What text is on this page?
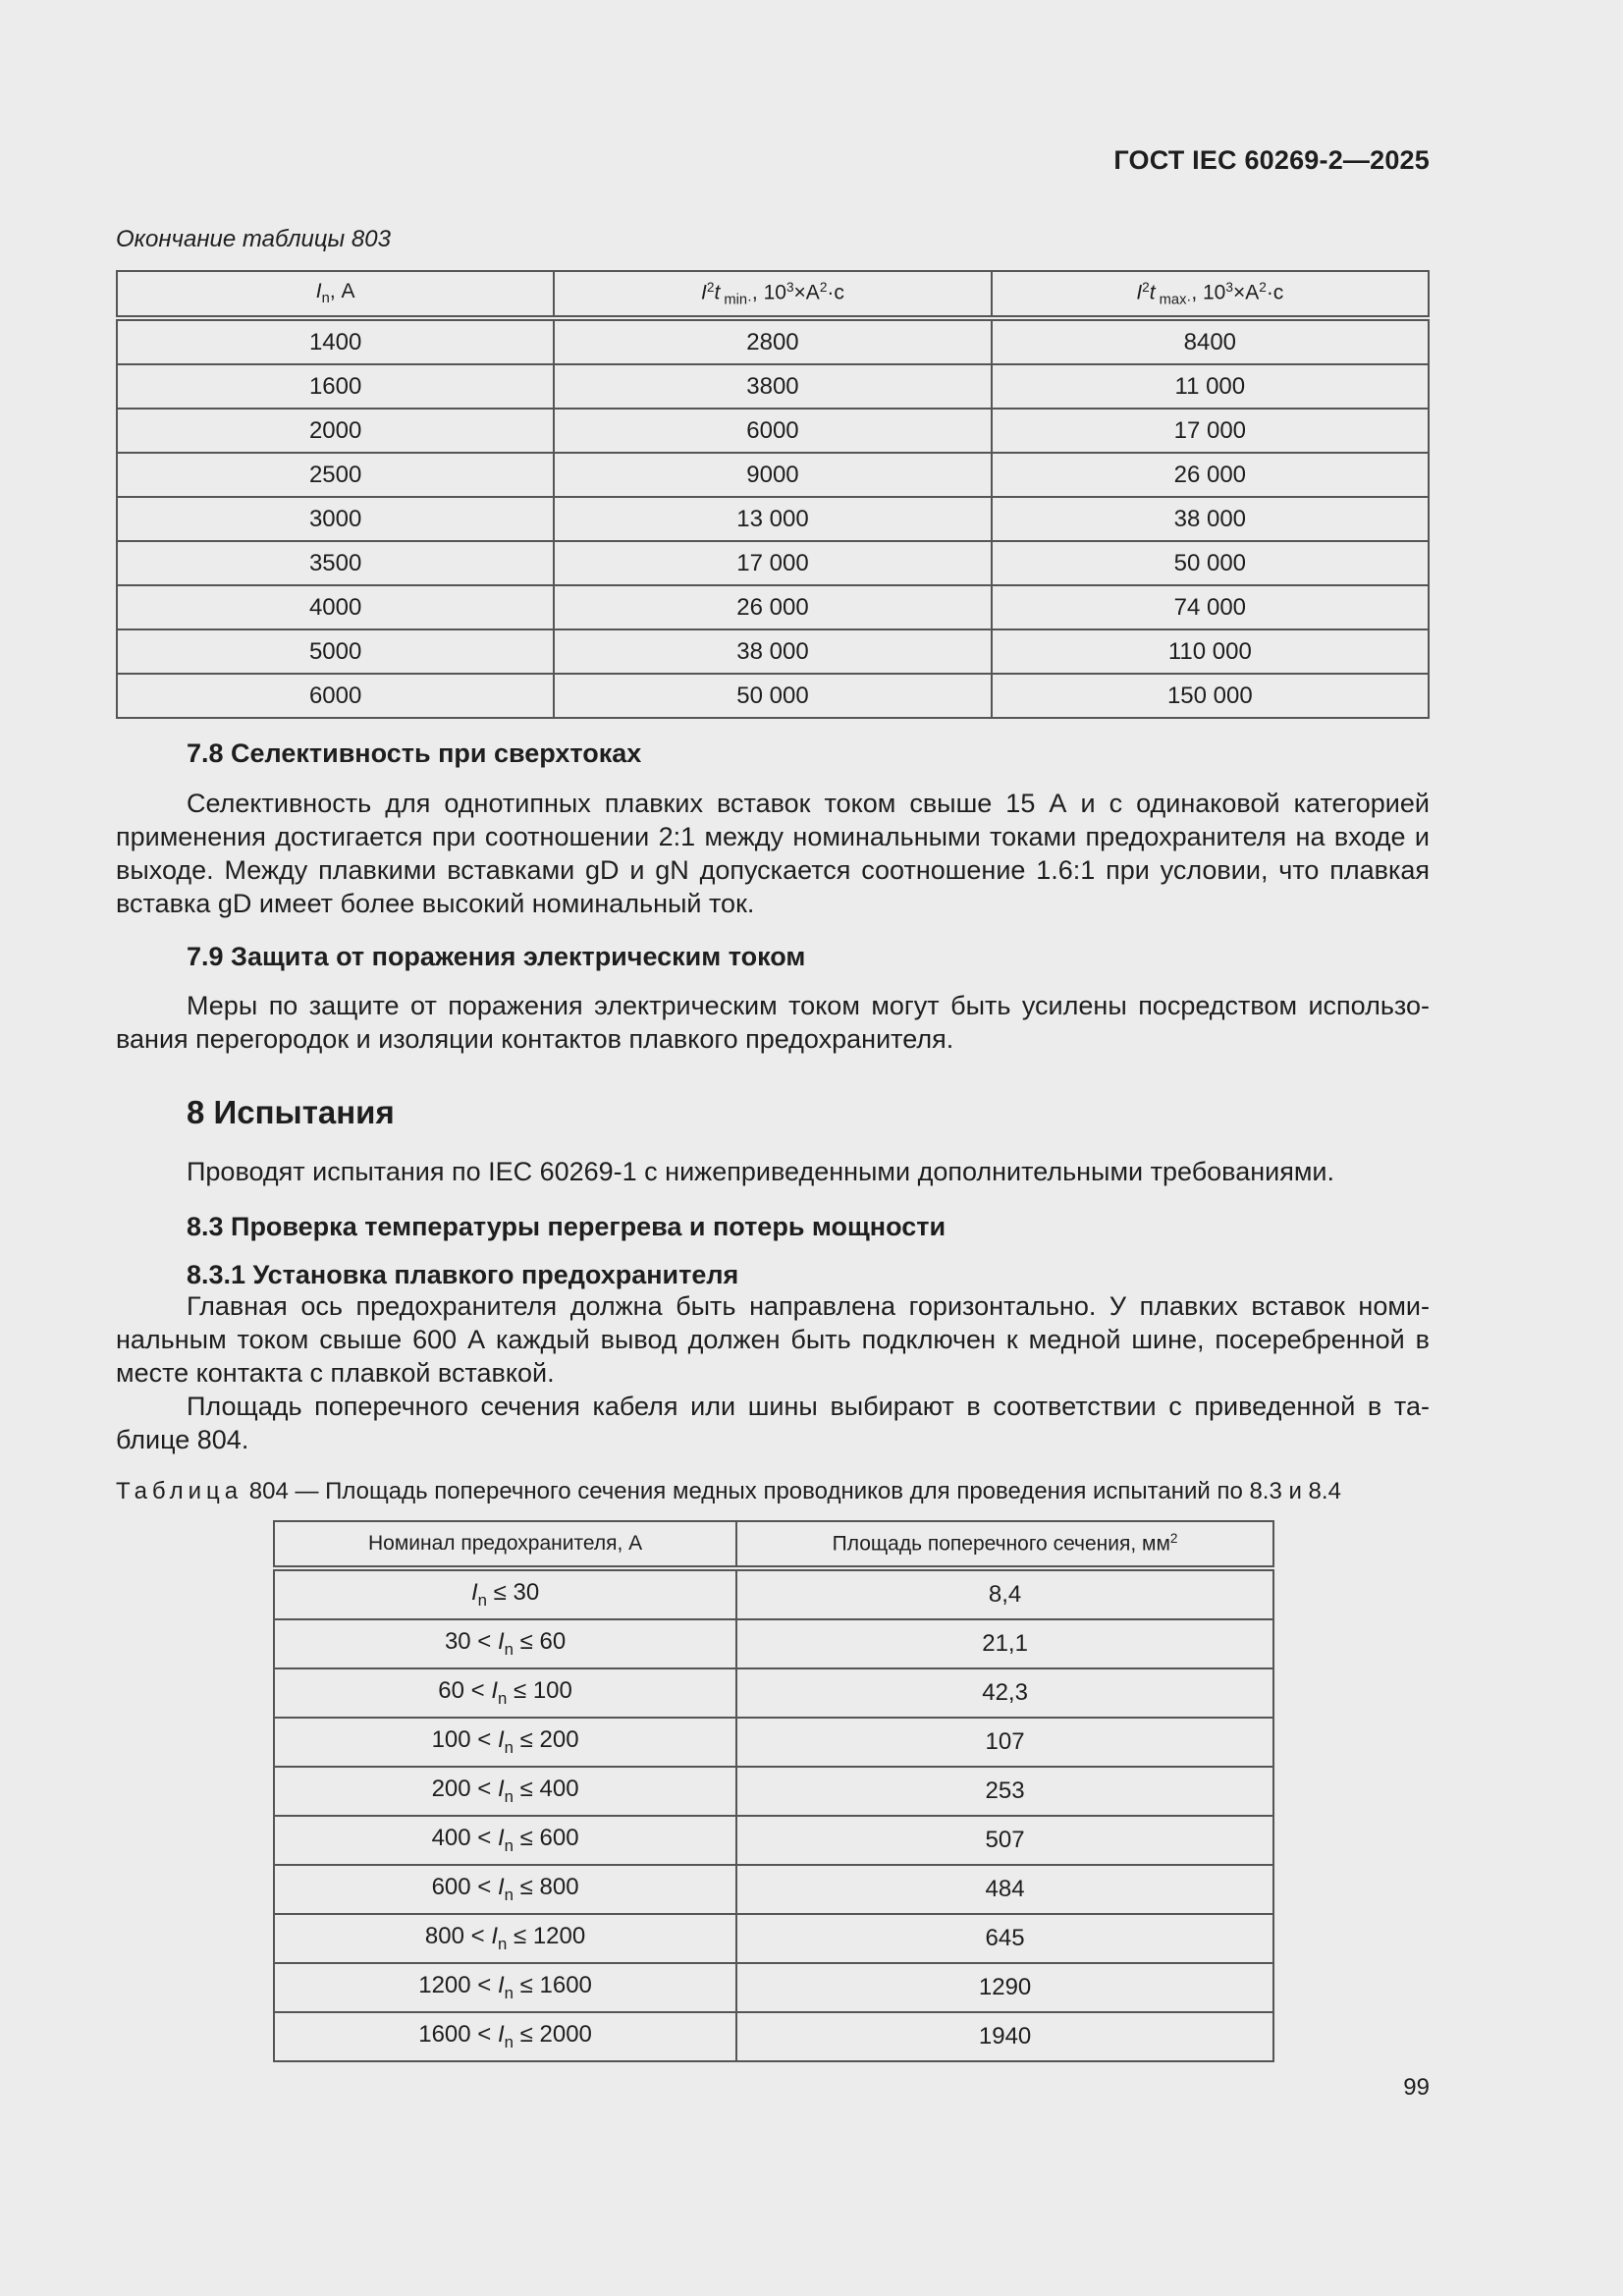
ГОСТ IEC 60269-2—2025
Окончание таблицы 803
$I_n$, А	$I^2t$ $_{min\cdot}$, $10^3\times А^2\cdot с$	$I^2t$ $_{max\cdot}$, $10^3\times А^2\cdot с$
1400	2800	8400
1600	3800	11 000
2000	6000	17 000
2500	9000	26 000
3000	13 000	38 000
3500	17 000	50 000
4000	26 000	74 000
5000	38 000	110 000
6000	50 000	150 000
7.8 Селективность при сверхтоках

Селективность для однотипных плавких вставок током свыше 15 А и с одинаковой категорией применения достигается при соотношении 2:1 между номинальными токами предохранителя на входе и выходе. Между плавкими вставками gD и gN допускается соотношение 1.6:1 при условии, что плавкая вставка gD имеет более высокий номинальный ток.

7.9 Защита от поражения электрическим током

Меры по защите от поражения электрическим током могут быть усилены посредством использо-вания перегородок и изоляции контактов плавкого предохранителя.

8 Испытания

Проводят испытания по IEC 60269-1 с нижеприведенными дополнительными требованиями.

8.3 Проверка температуры перегрева и потерь мощности
8.3.1 Установка плавкого предохранителя

Главная ось предохранителя должна быть направлена горизонтально. У плавких вставок номи-нальным током свыше 600 А каждый вывод должен быть подключен к медной шине, посеребренной в месте контакта с плавкой вставкой.

Площадь поперечного сечения кабеля или шины выбирают в соответствии с приведенной в та-блице 804.

Таблица 804 — Площадь поперечного сечения медных проводников для проведения испытаний по 8.3 и 8.4
Номинал предохранителя, А	Площадь поперечного сечения, $мм^2$
$I_n \le 30$	8,4
$30 < I_n \le 60$	21,1
$60 < I_n \le 100$	42,3
$100 < I_n \le 200$	107
$200 < I_n \le 400$	253
$400 < I_n \le 600$	507
$600 < I_n \le 800$	484
$800 < I_n \le 1200$	645
$1200 < I_n \le 1600$	1290
$1600 < I_n \le 2000$	1940
99
